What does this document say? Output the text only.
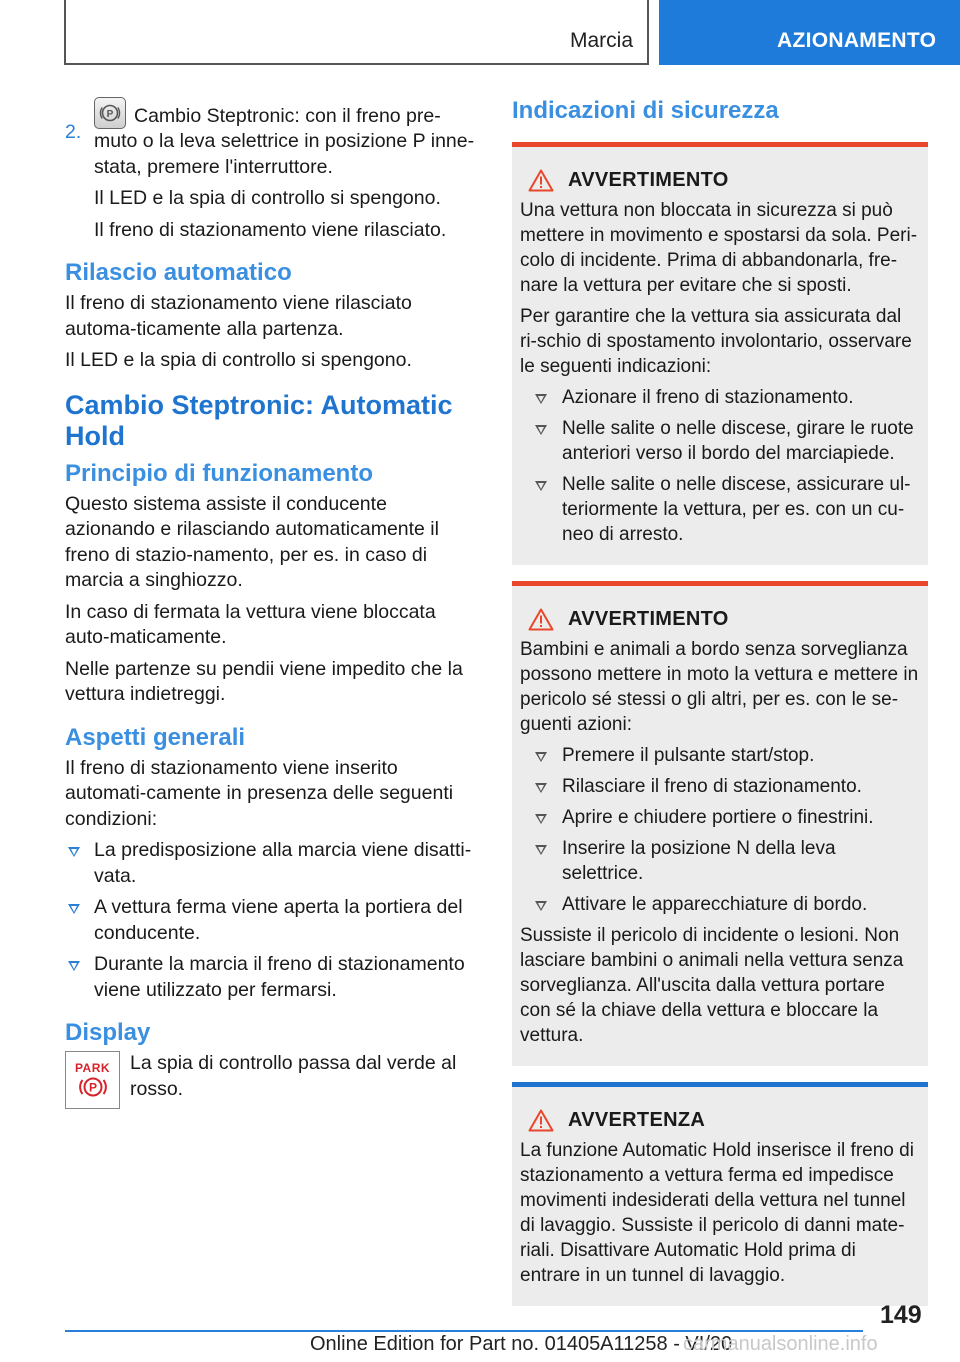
Marcia	AZIONAMENTO
2.
P Cambio Steptronic: con il freno pre-
muto o la leva selettrice in posizione P inne-
stata, premere l'interruttore.
Il LED e la spia di controllo si spengono.
Il freno di stazionamento viene rilasciato.
Rilascio automatico
Il freno di stazionamento viene rilasciato automa-ticamente alla partenza.
Il LED e la spia di controllo si spengono.
Cambio Steptronic: Automatic Hold
Principio di funzionamento
Questo sistema assiste il conducente azionando e rilasciando automaticamente il freno di stazio-namento, per es. in caso di marcia a singhiozzo.
In caso di fermata la vettura viene bloccata auto-maticamente.
Nelle partenze su pendii viene impedito che la vettura indietreggi.
Aspetti generali
Il freno di stazionamento viene inserito automati-camente in presenza delle seguenti condizioni:
La predisposizione alla marcia viene disatti-vata.
A vettura ferma viene aperta la portiera del conducente.
Durante la marcia il freno di stazionamento viene utilizzato per fermarsi.
Display
PARK
P
La spia di controllo passa dal verde al rosso.
Indicazioni di sicurezza
AVVERTIMENTO
Una vettura non bloccata in sicurezza si può mettere in movimento e spostarsi da sola. Peri-colo di incidente. Prima di abbandonarla, fre-nare la vettura per evitare che si sposti.
Per garantire che la vettura sia assicurata dal ri-schio di spostamento involontario, osservare le seguenti indicazioni:
Azionare il freno di stazionamento.
Nelle salite o nelle discese, girare le ruote anteriori verso il bordo del marciapiede.
Nelle salite o nelle discese, assicurare ul-teriormente la vettura, per es. con un cu-neo di arresto.
AVVERTIMENTO
Bambini e animali a bordo senza sorveglianza possono mettere in moto la vettura e mettere in pericolo sé stessi o gli altri, per es. con le se-guenti azioni:
Premere il pulsante start/stop.
Rilasciare il freno di stazionamento.
Aprire e chiudere portiere o finestrini.
Inserire la posizione N della leva selettrice.
Attivare le apparecchiature di bordo.
Sussiste il pericolo di incidente o lesioni. Non lasciare bambini o animali nella vettura senza sorveglianza. All'uscita dalla vettura portare con sé la chiave della vettura e bloccare la vettura.
AVVERTENZA
La funzione Automatic Hold inserisce il freno di stazionamento a vettura ferma ed impedisce movimenti indesiderati della vettura nel tunnel di lavaggio. Sussiste il pericolo di danni mate-riali. Disattivare Automatic Hold prima di entrare in un tunnel di lavaggio.
149
Online Edition for Part no. 01405A11258 - VI/20
carmanualsonline.info
